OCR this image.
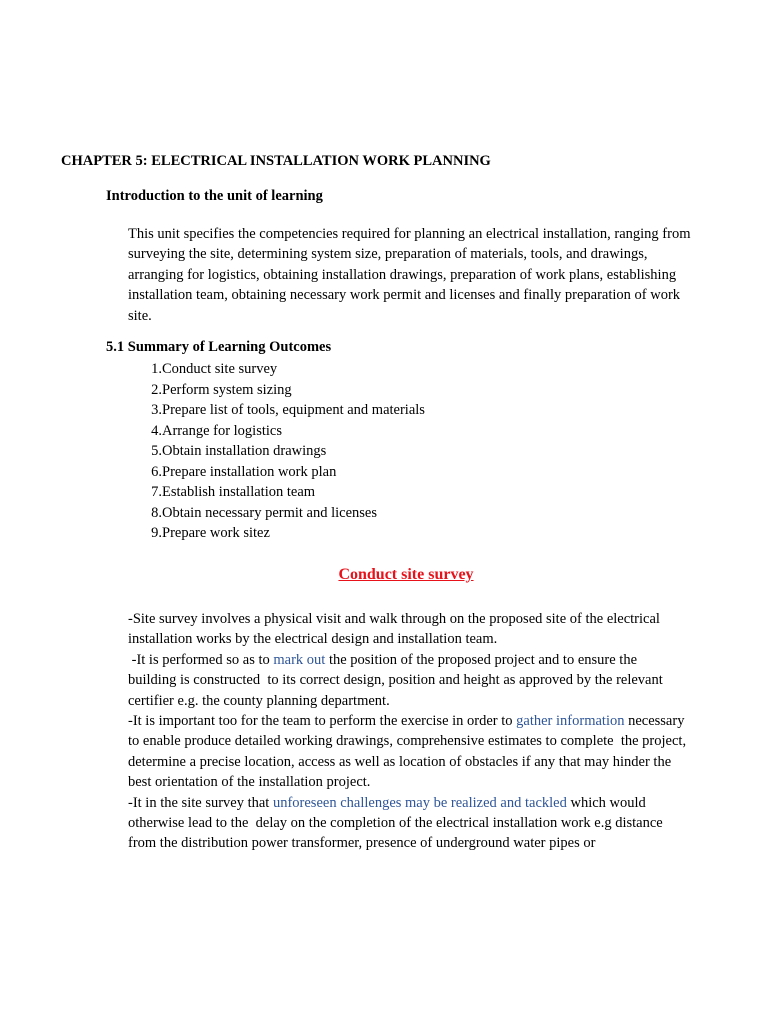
CHAPTER 5: ELECTRICAL INSTALLATION WORK PLANNING
Introduction to the unit of learning
This unit specifies the competencies required for planning an electrical installation, ranging from surveying the site, determining system size, preparation of materials, tools, and drawings, arranging for logistics, obtaining installation drawings, preparation of work plans, establishing installation team, obtaining necessary work permit and licenses and finally preparation of work site.
5.1 Summary of Learning Outcomes
1. Conduct site survey
2. Perform system sizing
3. Prepare list of tools, equipment and materials
4. Arrange for logistics
5. Obtain installation drawings
6. Prepare installation work plan
7. Establish installation team
8. Obtain necessary permit and licenses
9. Prepare work sitez
Conduct site survey

-Site survey involves a physical visit and walk through on the proposed site of the electrical installation works by the electrical design and installation team.

-It is performed so as to mark out the position of the proposed project and to ensure the building is constructed  to its correct design, position and height as approved by the relevant certifier e.g. the county planning department.

-It is important too for the team to perform the exercise in order to gather information necessary to enable produce detailed working drawings, comprehensive estimates to complete  the project, determine a precise location, access as well as location of obstacles if any that may hinder the best orientation of the installation project.

-It in the site survey that unforeseen challenges may be realized and tackled which would otherwise lead to the  delay on the completion of the electrical installation work e.g distance from the distribution power transformer, presence of underground water pipes or
